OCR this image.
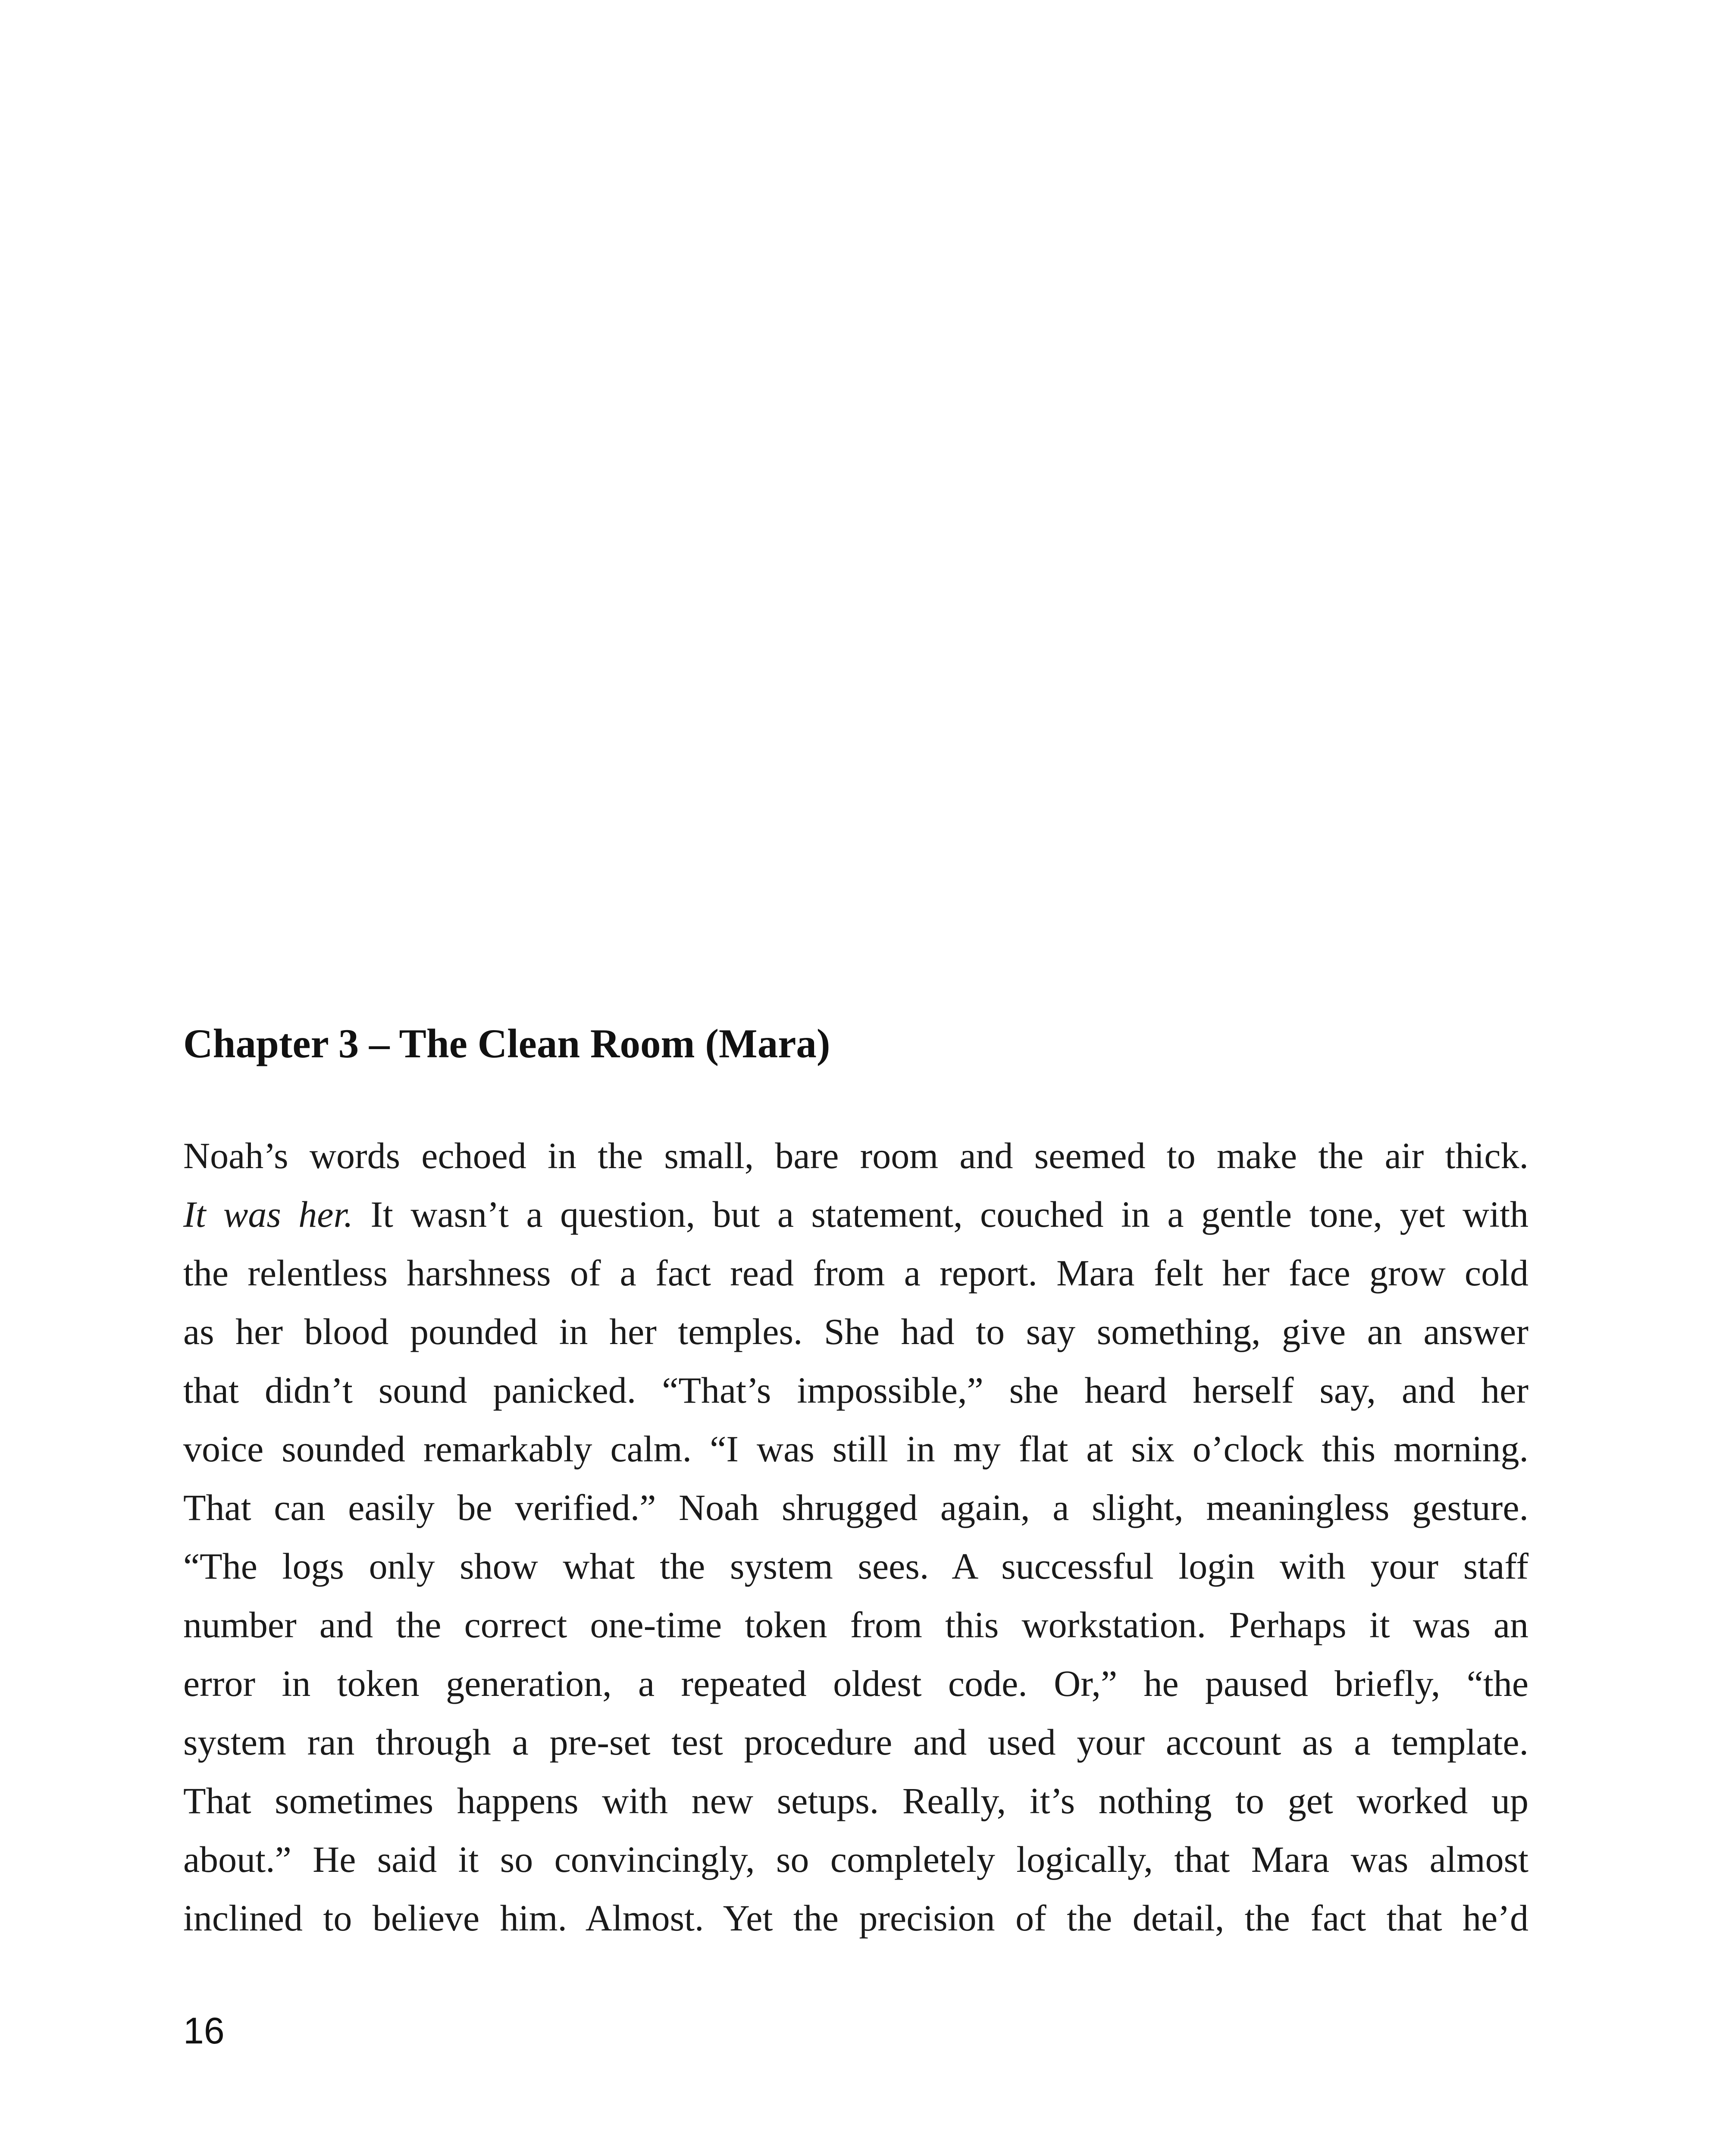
Chapter 3 – The Clean Room (Mara)
Noah’s words echoed in the small, bare room and seemed to make the air thick.
It was her. It wasn’t a question, but a statement, couched in a gentle tone, yet with
the relentless harshness of a fact read from a report. Mara felt her face grow cold
as her blood pounded in her temples. She had to say something, give an answer
that didn’t sound panicked. “That’s impossible,” she heard herself say, and her
voice sounded remarkably calm. “I was still in my flat at six o’clock this morning.
That can easily be verified.” Noah shrugged again, a slight, meaningless gesture.
“The logs only show what the system sees. A successful login with your staff
number and the correct one-time token from this workstation. Perhaps it was an
error in token generation, a repeated oldest code. Or,” he paused briefly, “the
system ran through a pre-set test procedure and used your account as a template.
That sometimes happens with new setups. Really, it’s nothing to get worked up
about.” He said it so convincingly, so completely logically, that Mara was almost
inclined to believe him. Almost. Yet the precision of the detail, the fact that he’d
16
